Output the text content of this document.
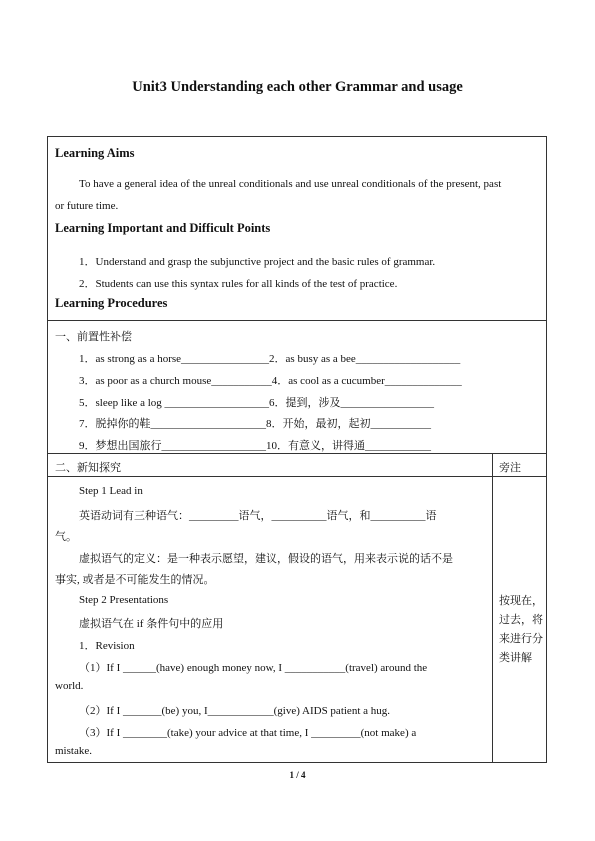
Unit3 Understanding each other Grammar and usage
Learning Aims
To have a general idea of the unreal conditionals and use unreal conditionals of the present, past
or future time.
Learning Important and Difficult Points
1．Understand and grasp the subjunctive project and the basic rules of grammar.
2．Students can use this syntax rules for all kinds of the test of practice.
Learning Procedures
一、前置性补偿
1．as strong as a horse________________2．as busy as a bee___________________
3．as poor as a church mouse___________4．as cool as a cucumber______________
5．sleep like a log ___________________6．提到，涉及_________________
7．脱掉你的鞋_____________________8．开始，最初，起初___________
9．梦想出国旅行___________________10．有意义，讲得通____________
二、新知探究	旁注
Step 1 Lead in
英语动词有三种语气：_________语气，__________语气，和__________语
气。
虚拟语气的定义：是一种表示愿望，建议，假设的语气，用来表示说的话不是
事实, 或者是不可能发生的情况。
Step 2 Presentations
虚拟语气在 if 条件句中的应用
1．Revision
（1）If I ______(have) enough money now, I ___________(travel) around the
world.
（2）If I _______(be) you, I____________(give) AIDS patient a hug.
（3）If I ________(take) your advice at that time, I _________(not make) a
mistake.
按现在，过去，将来进行分类讲解
1 / 4
